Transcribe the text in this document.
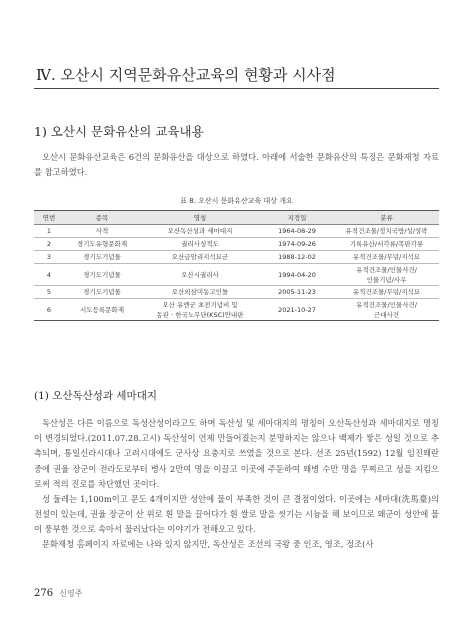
Ⅳ. 오산시 지역문화유산교육의 현황과 시사점
1) 오산시 문화유산의 교육내용
오산시 문화유산교육은 6건의 문화유산을 대상으로 하였다. 아래에 서술한 문화유산의 특징은 문화재청 자료를 참고하였다.
표 8. 오산시 문화유산교육 대상 개요
연번	종목	명칭	지정일	분류
1	사적	오산독산성과 세마대지	1964-08-29	유적건조물/정치국방/성/성곽
2	경기도유형문화재	궐리사성적도	1974-09-26	기록유산/서각류/목판각류
3	경기도기념물	오산금암리지석묘군	1988-12-02	유적건조물/무덤/지석묘
4	경기도기념물	오산시궐리사	1994-04-20	유적건조물/인물사건/
인물기념/사우
5	경기도기념물	오산외삼미동고인돌	2005-11-23	유적건조물/무덤/지석묘
6	시도등록문화재	오산 유엔군 초전기념비 및
동판 · 한국노무단(KSC)안내판	2021-10-27	유적건조물/인물사건/
근대사건
(1) 오산독산성과 세마대지
독산성은 다른 이름으로 독성산성이라고도 하며 독산성 및 세마대지의 명칭이 오산독산성과 세마대지로 명칭이 변경되었다.(2011.07.28.고시) 독산성이 언제 만들어졌는지 분명하지는 않으나 백제가 쌓은 성일 것으로 추측되며, 통일신라시대나 고려시대에도 군사상 요충지로 쓰였을 것으로 본다. 선조 25년(1592) 12월 임진왜란 중에 권율 장군이 전라도로부터 병사 2만여 명을 이끌고 이곳에 주둔하여 왜병 수만 명을 무찌르고 성을 지킴으로써 적의 진로를 차단했던 곳이다.
성 둘레는 1,100m이고 문도 4개이지만 성안에 물이 부족한 것이 큰 결점이었다. 이곳에는 세마대(洗馬臺)의 전설이 있는데, 권율 장군이 산 위로 흰 말을 끌어다가 흰 쌀로 말을 씻기는 시늉을 해 보이므로 왜군이 성안에 물이 풍부한 것으로 속아서 물러났다는 이야기가 전해오고 있다.
문화재청 홈페이지 자료에는 나와 있지 않지만, 독산성은 조선의 국왕 중 인조, 영조, 정조(사
276 신영주
